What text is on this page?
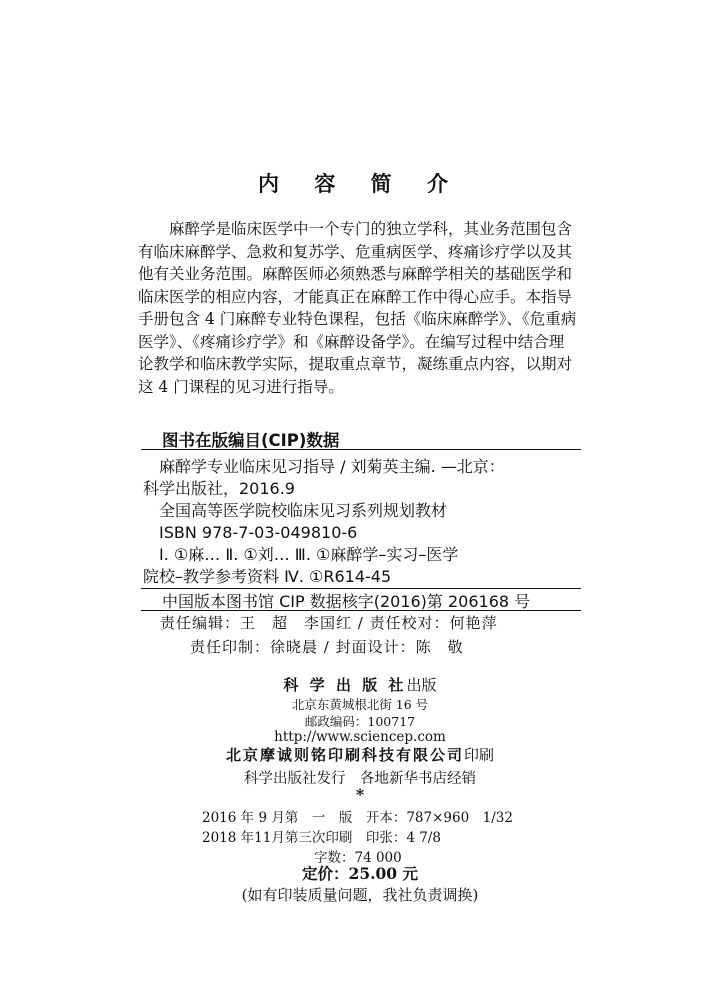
内 容 简 介
　　麻醉学是临床医学中一个专门的独立学科，其业务范围包含
有临床麻醉学、急救和复苏学、危重病医学、疼痛诊疗学以及其
他有关业务范围。麻醉医师必须熟悉与麻醉学相关的基础医学和
临床医学的相应内容，才能真正在麻醉工作中得心应手。本指导
手册包含 4 门麻醉专业特色课程，包括《临床麻醉学》、《危重病
医学》、《疼痛诊疗学》和《麻醉设备学》。在编写过程中结合理
论教学和临床教学实际，提取重点章节，凝练重点内容，以期对
这 4 门课程的见习进行指导。
图书在版编目(CIP)数据
　麻醉学专业临床见习指导 / 刘菊英主编. —北京：
科学出版社，2016.9
　全国高等医学院校临床见习系列规划教材
　ISBN 978-7-03-049810-6
　Ⅰ. ①麻… Ⅱ. ①刘… Ⅲ. ①麻醉学–实习–医学
院校–教学参考资料 Ⅳ. ①R614-45
中国版本图书馆 CIP 数据核字(2016)第 206168 号
责任编辑：王　超　李国红 / 责任校对：何艳萍
责任印制：徐晓晨 / 封面设计：陈　敬
科 学 出 版 社出版
北京东黄城根北街 16 号
邮政编码：100717
http://www.sciencep.com
北京摩诚则铭印刷科技有限公司印刷
科学出版社发行　各地新华书店经销
*
2016 年 9 月第　一　版　开本：787×960　1/32
2018 年11月第三次印刷　印张：4 7/8
字数：74 000
定价：25.00 元
(如有印装质量问题，我社负责调换)
